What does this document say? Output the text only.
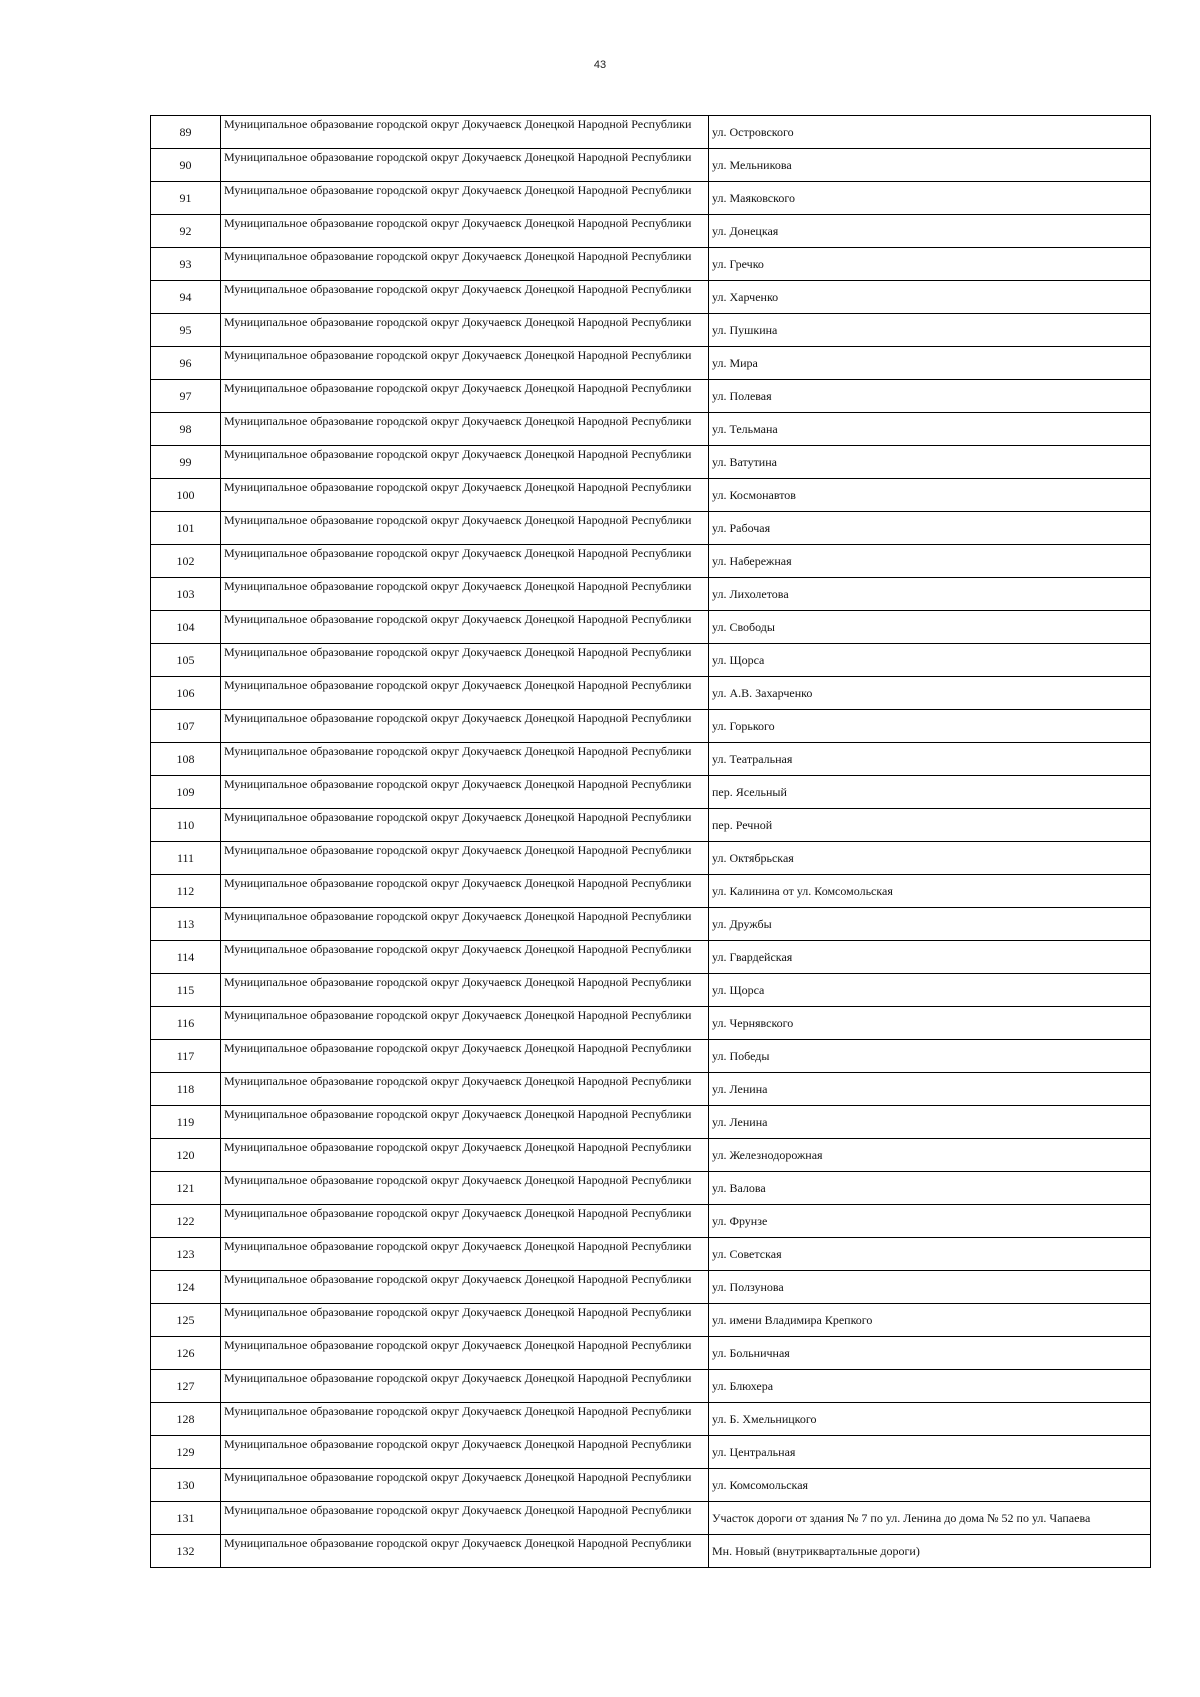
43
89	Муниципальное образование городской округ Докучаевск Донецкой Народной Республики	ул. Островского
90	Муниципальное образование городской округ Докучаевск Донецкой Народной Республики	ул. Мельникова
91	Муниципальное образование городской округ Докучаевск Донецкой Народной Республики	ул. Маяковского
92	Муниципальное образование городской округ Докучаевск Донецкой Народной Республики	ул. Донецкая
93	Муниципальное образование городской округ Докучаевск Донецкой Народной Республики	ул. Гречко
94	Муниципальное образование городской округ Докучаевск Донецкой Народной Республики	ул. Харченко
95	Муниципальное образование городской округ Докучаевск Донецкой Народной Республики	ул. Пушкина
96	Муниципальное образование городской округ Докучаевск Донецкой Народной Республики	ул. Мира
97	Муниципальное образование городской округ Докучаевск Донецкой Народной Республики	ул. Полевая
98	Муниципальное образование городской округ Докучаевск Донецкой Народной Республики	ул. Тельмана
99	Муниципальное образование городской округ Докучаевск Донецкой Народной Республики	ул. Ватутина
100	Муниципальное образование городской округ Докучаевск Донецкой Народной Республики	ул. Космонавтов
101	Муниципальное образование городской округ Докучаевск Донецкой Народной Республики	ул. Рабочая
102	Муниципальное образование городской округ Докучаевск Донецкой Народной Республики	ул. Набережная
103	Муниципальное образование городской округ Докучаевск Донецкой Народной Республики	ул. Лихолетова
104	Муниципальное образование городской округ Докучаевск Донецкой Народной Республики	ул. Свободы
105	Муниципальное образование городской округ Докучаевск Донецкой Народной Республики	ул. Щорса
106	Муниципальное образование городской округ Докучаевск Донецкой Народной Республики	ул. А.В. Захарченко
107	Муниципальное образование городской округ Докучаевск Донецкой Народной Республики	ул. Горького
108	Муниципальное образование городской округ Докучаевск Донецкой Народной Республики	ул. Театральная
109	Муниципальное образование городской округ Докучаевск Донецкой Народной Республики	пер. Ясельный
110	Муниципальное образование городской округ Докучаевск Донецкой Народной Республики	пер. Речной
111	Муниципальное образование городской округ Докучаевск Донецкой Народной Республики	ул. Октябрьская
112	Муниципальное образование городской округ Докучаевск Донецкой Народной Республики	ул. Калинина от ул. Комсомольская
113	Муниципальное образование городской округ Докучаевск Донецкой Народной Республики	ул. Дружбы
114	Муниципальное образование городской округ Докучаевск Донецкой Народной Республики	ул. Гвардейская
115	Муниципальное образование городской округ Докучаевск Донецкой Народной Республики	ул. Щорса
116	Муниципальное образование городской округ Докучаевск Донецкой Народной Республики	ул. Чернявского
117	Муниципальное образование городской округ Докучаевск Донецкой Народной Республики	ул. Победы
118	Муниципальное образование городской округ Докучаевск Донецкой Народной Республики	ул. Ленина
119	Муниципальное образование городской округ Докучаевск Донецкой Народной Республики	ул. Ленина
120	Муниципальное образование городской округ Докучаевск Донецкой Народной Республики	ул. Железнодорожная
121	Муниципальное образование городской округ Докучаевск Донецкой Народной Республики	ул. Валова
122	Муниципальное образование городской округ Докучаевск Донецкой Народной Республики	ул. Фрунзе
123	Муниципальное образование городской округ Докучаевск Донецкой Народной Республики	ул. Советская
124	Муниципальное образование городской округ Докучаевск Донецкой Народной Республики	ул. Ползунова
125	Муниципальное образование городской округ Докучаевск Донецкой Народной Республики	ул. имени Владимира Крепкого
126	Муниципальное образование городской округ Докучаевск Донецкой Народной Республики	ул. Больничная
127	Муниципальное образование городской округ Докучаевск Донецкой Народной Республики	ул. Блюхера
128	Муниципальное образование городской округ Докучаевск Донецкой Народной Республики	ул. Б. Хмельницкого
129	Муниципальное образование городской округ Докучаевск Донецкой Народной Республики	ул. Центральная
130	Муниципальное образование городской округ Докучаевск Донецкой Народной Республики	ул. Комсомольская
131	Муниципальное образование городской округ Докучаевск Донецкой Народной Республики	Участок дороги от здания № 7 по ул. Ленина до дома № 52 по ул. Чапаева
132	Муниципальное образование городской округ Докучаевск Донецкой Народной Республики	Мн. Новый (внутриквартальные дороги)
